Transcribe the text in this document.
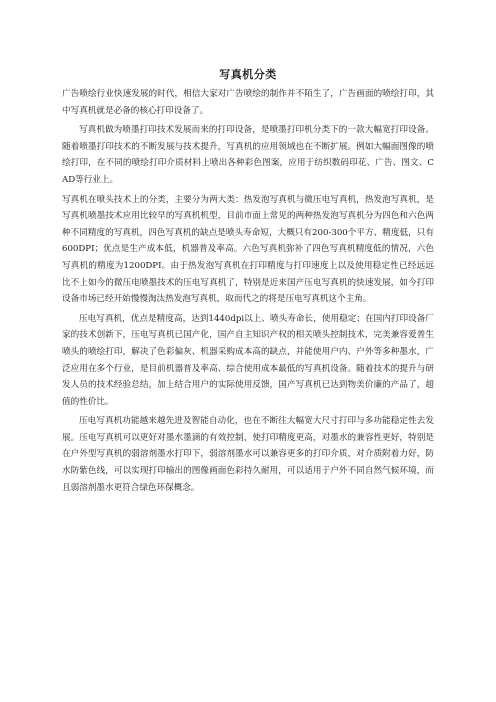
写真机分类

广告喷绘行业快速发展的时代，相信大家对广告喷绘的制作并不陌生了，广告画面的喷绘打印，其中写真机就是必备的核心打印设备了。

写真机做为喷墨打印技术发展而来的打印设备，是喷墨打印机分类下的一款大幅宽打印设备。随着喷墨打印技术的不断发展与技术提升，写真机的应用领域也在不断扩展。例如大幅面图像的喷绘打印，在不同的喷绘打印介质材料上喷出各种彩色图案，应用于纺织数码印花、广告、图文、CAD等行业上。

写真机在喷头技术上的分类，主要分为两大类：热发泡写真机与微压电写真机，热发泡写真机，是写真机喷墨技术应用比较早的写真机机型，目前市面上常见的两种热发泡写真机分为四色和六色两种不同精度的写真机，四色写真机的缺点是喷头寿命短，大概只有200-300个平方、精度低，只有600DPI；优点是生产成本低，机器普及率高。六色写真机弥补了四色写真机精度低的情况，六色写真机的精度为1200DPI。由于热发泡写真机在打印精度与打印速度上以及使用稳定性已经远远比不上如今的微压电喷墨技术的压电写真机了，特别是近来国产压电写真机的快速发展，如今打印设备市场已经开始慢慢淘汰热发泡写真机，取而代之的将是压电写真机这个主角。

压电写真机，优点是精度高，达到1440dpi以上、喷头寿命长，使用稳定；在国内打印设备厂家的技术创新下，压电写真机已国产化，国产自主知识产权的相关喷头控制技术，完美兼容爱普生喷头的喷绘打印，解决了色彩偏灰、机器采购成本高的缺点，并能使用户内、户外等多种墨水，广泛应用在多个行业，是目前机器普及率高、综合使用成本最低的写真机设备。随着技术的提升与研发人员的技术经验总结，加上结合用户的实际使用反馈，国产写真机已达到物美价廉的产品了，超值的性价比。

压电写真机功能越来越先进及智能自动化，也在不断往大幅宽大尺寸打印与多功能稳定性去发展。压电写真机可以更好对墨水墨滴的有效控制，使打印精度更高，对墨水的兼容性更好，特别是在户外型写真机的弱溶剂墨水打印下，弱溶剂墨水可以兼容更多的打印介质，对介质附着力好，防水防紫色线，可以实现打印输出的图像画面色彩持久耐用，可以适用于户外不同自然气候环境，而且弱溶剂墨水更符合绿色环保概念。
